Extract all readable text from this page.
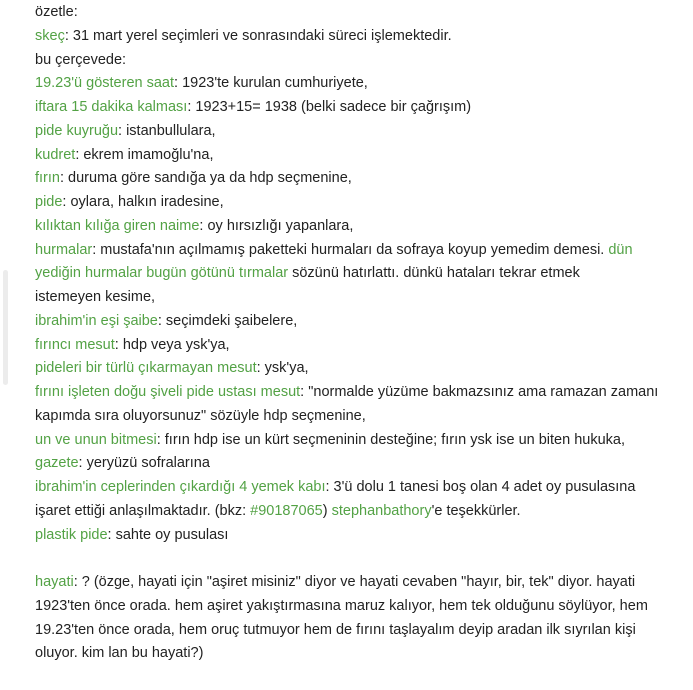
özetle:
skeç: 31 mart yerel seçimleri ve sonrasındaki süreci işlemektedir.
bu çerçevede:
19.23'ü gösteren saat: 1923'te kurulan cumhuriyete,
iftara 15 dakika kalması: 1923+15= 1938 (belki sadece bir çağrışım)
pide kuyruğu: istanbullulara,
kudret: ekrem imamoğlu'na,
fırın: duruma göre sandığa ya da hdp seçmenine,
pide: oylara, halkın iradesine,
kılıktan kılığa giren naime: oy hırsızlığı yapanlara,
hurmalar: mustafa'nın açılmamış paketteki hurmaları da sofraya koyup yemedim demesi. dün
yediğin hurmalar bugün götünü tırmalar sözünü hatırlattı. dünkü hataları tekrar etmek
istemeyen kesime,
ibrahim'in eşi şaibe: seçimdeki şaibelere,
fırıncı mesut: hdp veya ysk'ya,
pideleri bir türlü çıkarmayan mesut: ysk'ya,
fırını işleten doğu şiveli pide ustası mesut: "normalde yüzüme bakmazsınız ama ramazan zamanı
kapımda sıra oluyorsunuz" sözüyle hdp seçmenine,
un ve unun bitmesi: fırın hdp ise un kürt seçmeninin desteğine; fırın ysk ise un biten hukuka,
gazete: yeryüzü sofralarına
ibrahim'in ceplerinden çıkardığı 4 yemek kabı: 3'ü dolu 1 tanesi boş olan 4 adet oy pusulasına
işaret ettiği anlaşılmaktadır. (bkz: #90187065) stephanbathory'e teşekkürler.
plastik pide: sahte oy pusulası
hayati: ? (özge, hayati için "aşiret misiniz" diyor ve hayati cevaben "hayır, bir, tek" diyor. hayati 1923'ten önce orada. hem aşiret yakıştırmasına maruz kalıyor, hem tek olduğunu söylüyor, hem 19.23'ten önce orada, hem oruç tutmuyor hem de fırını taşlayalım deyip aradan ilk sıyrılan kişi oluyor. kim lan bu hayati?)
